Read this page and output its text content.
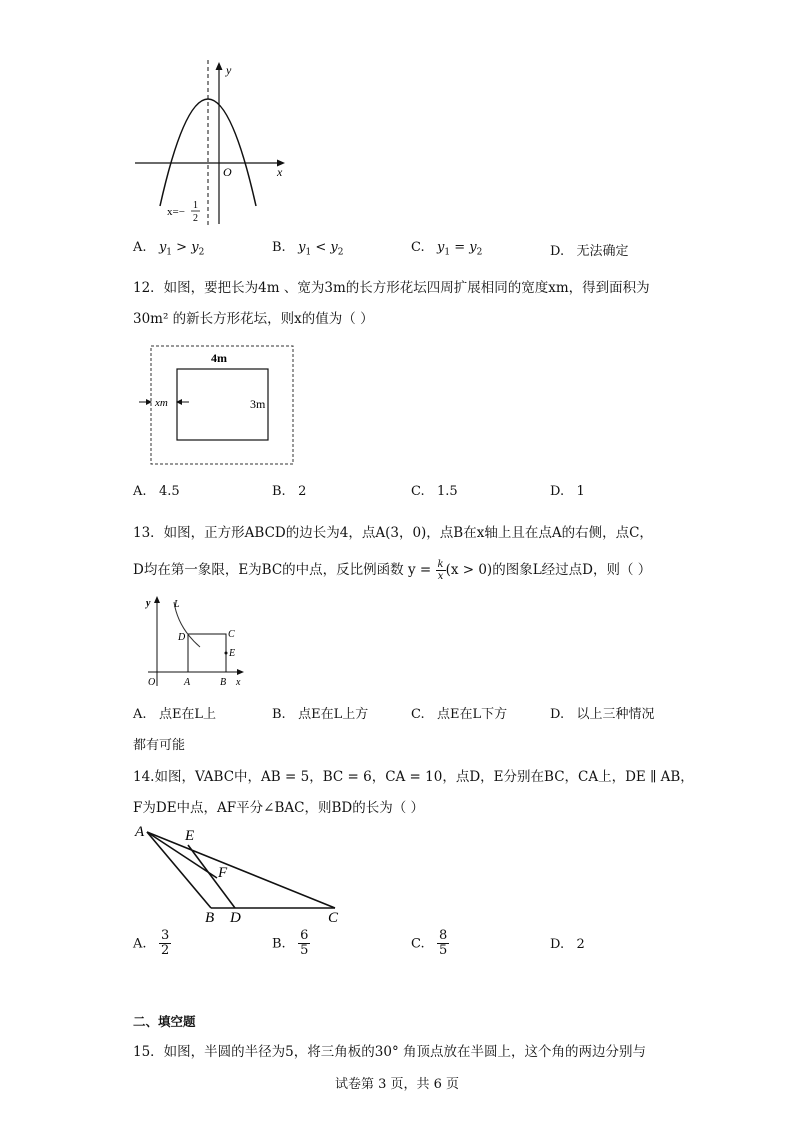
y
x
O
x=−
1
2
A. $y_1 > y_2$	B. $y_1 < y_2$	C. $y_1 = y_2$	D. 无法确定
12．如图，要把长为4m 、宽为3m的长方形花坛四周扩展相同的宽度xm，得到面积为
30m² 的新长方形花坛，则x的值为（ ）
4m
3m
xm
A. 4.5	B. 2	C. 1.5	D. 1
13．如图，正方形ABCD的边长为4，点A(3，0)，点B在x轴上且在点A的右侧，点C，
D均在第一象限，E为BC的中点，反比例函数 $y = \frac{k}{x} (x > 0)$的图象L经过点D，则（ ）
y L
D	C
E
O	A	B x
A. 点E在L上	B. 点E在L上方	C. 点E在L下方	D. 以上三种情况
都有可能
14.如图，VABC中，AB = 5，BC = 6，CA = 10，点D，E分别在BC，CA上，DE ∥ AB，
F为DE中点，AF平分∠BAC，则BD的长为（ ）
A	E
F
B D	C
A. $\frac{3}{2}$	B. $\frac{6}{5}$	C. $\frac{8}{5}$	D. 2
二、填空题
15．如图，半圆的半径为5，将三角板的30° 角顶点放在半圆上，这个角的两边分别与
试卷第 3 页，共 6 页
